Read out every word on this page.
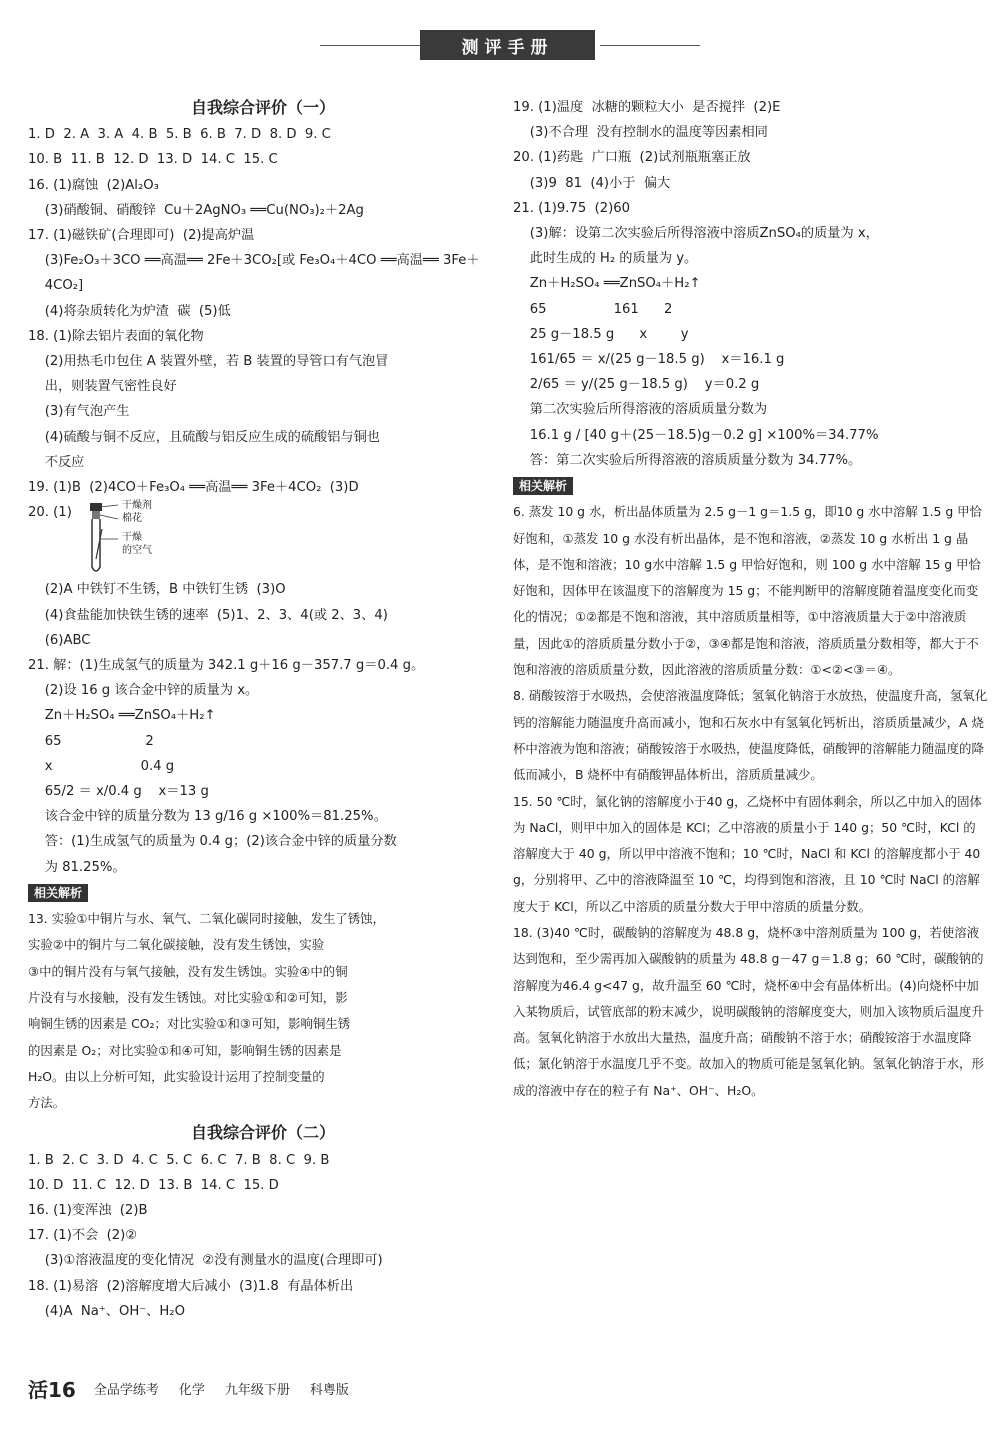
测评手册
自我综合评价（一）
1. D  2. A  3. A  4. B  5. B  6. B  7. D  8. D  9. C
10. B  11. B  12. D  13. D  14. C  15. C
16. (1)腐蚀  (2)Al₂O₃
(3)硝酸铜、硝酸锌  Cu＋2AgNO₃ ══Cu(NO₃)₂＋2Ag
17. (1)磁铁矿(合理即可)  (2)提高炉温
(3)Fe₂O₃＋3CO ══高温══ 2Fe＋3CO₂[或 Fe₃O₄＋4CO ══高温══ 3Fe＋
4CO₂]
(4)将杂质转化为炉渣  碳  (5)低
18. (1)除去铝片表面的氧化物
(2)用热毛巾包住 A 装置外壁，若 B 装置的导管口有气泡冒
出，则装置气密性良好
(3)有气泡产生
(4)硫酸与铜不反应，且硫酸与铝反应生成的硫酸铝与铜也
不反应
19. (1)B  (2)4CO＋Fe₃O₄ ══高温══ 3Fe＋4CO₂  (3)D
20. (1)	干燥剂
棉花
干燥
的空气
(2)A 中铁钉不生锈，B 中铁钉生锈  (3)O
(4)食盐能加快铁生锈的速率  (5)1、2、3、4(或 2、3、4)
(6)ABC
21. 解：(1)生成氢气的质量为 342.1 g＋16 g－357.7 g＝0.4 g。
(2)设 16 g 该合金中锌的质量为 x。
Zn＋H₂SO₄ ══ZnSO₄＋H₂↑
65                    2
x                     0.4 g
65/2 ＝ x/0.4 g    x＝13 g
该合金中锌的质量分数为 13 g/16 g ×100%＝81.25%。
答：(1)生成氢气的质量为 0.4 g；(2)该合金中锌的质量分数
为 81.25%。
相关解析
13. 实验①中铜片与水、氧气、二氧化碳同时接触，发生了锈蚀，
实验②中的铜片与二氧化碳接触，没有发生锈蚀，实验
③中的铜片没有与氧气接触，没有发生锈蚀。实验④中的铜
片没有与水接触，没有发生锈蚀。对比实验①和②可知，影
响铜生锈的因素是 CO₂；对比实验①和③可知，影响铜生锈
的因素是 O₂；对比实验①和④可知，影响铜生锈的因素是
H₂O。由以上分析可知，此实验设计运用了控制变量的
方法。
自我综合评价（二）
1. B  2. C  3. D  4. C  5. C  6. C  7. B  8. C  9. B
10. D  11. C  12. D  13. B  14. C  15. D
16. (1)变浑浊  (2)B
17. (1)不会  (2)②
(3)①溶液温度的变化情况  ②没有测量水的温度(合理即可)
18. (1)易溶  (2)溶解度增大后减小  (3)1.8  有晶体析出
(4)A  Na⁺、OH⁻、H₂O
19. (1)温度  冰糖的颗粒大小  是否搅拌  (2)E
(3)不合理  没有控制水的温度等因素相同
20. (1)药匙  广口瓶  (2)试剂瓶瓶塞正放
(3)9  81  (4)小于  偏大
21. (1)9.75  (2)60
(3)解：设第二次实验后所得溶液中溶质ZnSO₄的质量为 x，
此时生成的 H₂ 的质量为 y。
Zn＋H₂SO₄ ══ZnSO₄＋H₂↑
65                161      2
25 g－18.5 g      x        y
161/65 ＝ x/(25 g－18.5 g)    x＝16.1 g
2/65 ＝ y/(25 g－18.5 g)    y＝0.2 g
第二次实验后所得溶液的溶质质量分数为
16.1 g / [40 g＋(25－18.5)g－0.2 g] ×100%＝34.77%
答：第二次实验后所得溶液的溶质质量分数为 34.77%。
相关解析
6. 蒸发 10 g 水，析出晶体质量为 2.5 g－1 g＝1.5 g，即10 g 水中溶解 1.5 g 甲恰好饱和，①蒸发 10 g 水没有析出晶体，是不饱和溶液，②蒸发 10 g 水析出 1 g 晶体，是不饱和溶液；10 g水中溶解 1.5 g 甲恰好饱和，则 100 g 水中溶解 15 g 甲恰好饱和，因体甲在该温度下的溶解度为 15 g；不能判断甲的溶解度随着温度变化而变化的情况；①②都是不饱和溶液，其中溶质质量相等，①中溶液质量大于②中溶液质量，因此①的溶质质量分数小于②，③④都是饱和溶液，溶质质量分数相等，都大于不饱和溶液的溶质质量分数，因此溶液的溶质质量分数：①<②<③＝④。
8. 硝酸铵溶于水吸热，会使溶液温度降低；氢氧化钠溶于水放热，使温度升高，氢氧化钙的溶解能力随温度升高而减小，饱和石灰水中有氢氧化钙析出，溶质质量减少，A 烧杯中溶液为饱和溶液；硝酸铵溶于水吸热，使温度降低，硝酸钾的溶解能力随温度的降低而减小，B 烧杯中有硝酸钾晶体析出，溶质质量减少。
15. 50 ℃时，氯化钠的溶解度小于40 g，乙烧杯中有固体剩余，所以乙中加入的固体为 NaCl，则甲中加入的固体是 KCl；乙中溶液的质量小于 140 g；50 ℃时，KCl 的溶解度大于 40 g，所以甲中溶液不饱和；10 ℃时，NaCl 和 KCl 的溶解度都小于 40 g，分别将甲、乙中的溶液降温至 10 ℃，均得到饱和溶液，且 10 ℃时 NaCl 的溶解度大于 KCl，所以乙中溶质的质量分数大于甲中溶质的质量分数。
18. (3)40 ℃时，碳酸钠的溶解度为 48.8 g，烧杯③中溶剂质量为 100 g，若使溶液达到饱和，至少需再加入碳酸钠的质量为 48.8 g－47 g＝1.8 g；60 ℃时，碳酸钠的溶解度为46.4 g<47 g，故升温至 60 ℃时，烧杯④中会有晶体析出。(4)向烧杯中加入某物质后，试管底部的粉末减少，说明碳酸钠的溶解度变大，则加入该物质后温度升高。氢氧化钠溶于水放出大量热，温度升高；硝酸钠不溶于水；硝酸铵溶于水温度降低；氯化钠溶于水温度几乎不变。故加入的物质可能是氢氧化钠。氢氧化钠溶于水，形成的溶液中存在的粒子有 Na⁺、OH⁻、H₂O。
活16 全品学练考 化学 九年级下册 科粤版
